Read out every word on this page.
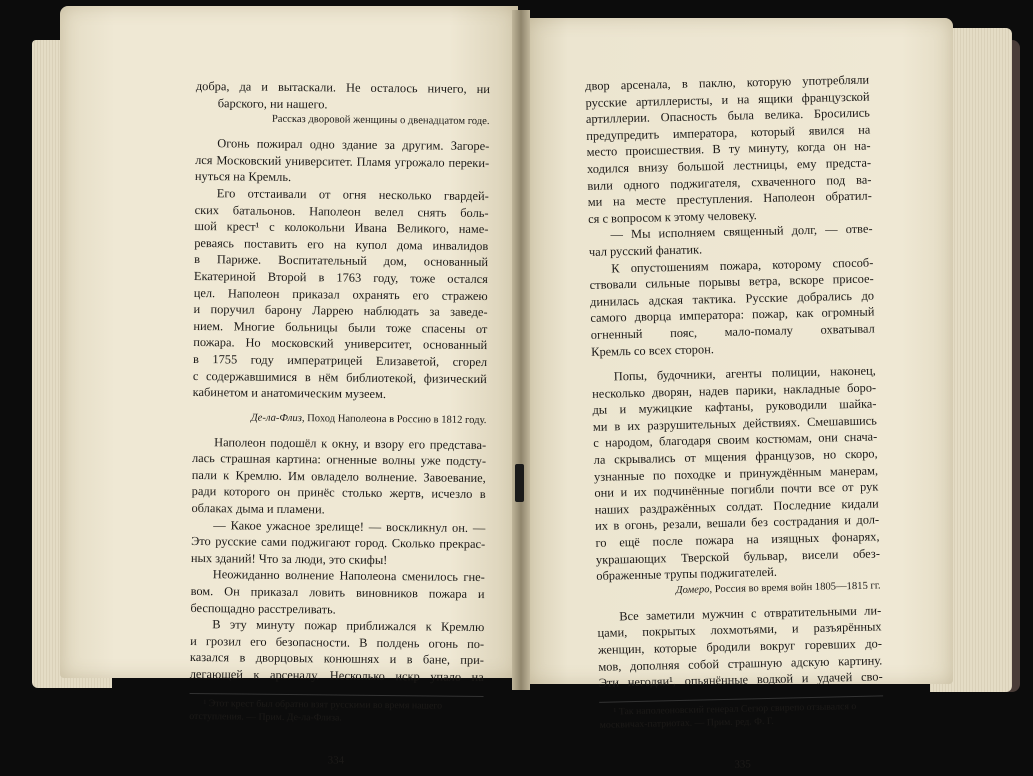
добра, да и вытаскали. Не осталось ничего, ни
барского, ни нашего.
Рассказ дворовой женщины о двенадцатом годе.
Огонь пожирал одно здание за другим. Загоре-
лся Московский университет. Пламя угрожало переки-
нуться на Кремль.
Его отстаивали от огня несколько гвардей-
ских батальонов. Наполеон велел снять боль-
шой крест¹ с колокольни Ивана Великого, наме-
реваясь поставить его на купол дома инвалидов
в Париже. Воспитательный дом, основанный
Екатериной Второй в 1763 году, тоже остался
цел. Наполеон приказал охранять его стражею
и поручил барону Ларрею наблюдать за заведе-
нием. Многие больницы были тоже спасены от
пожара. Но московский университет, основанный
в 1755 году императрицей Елизаветой, сгорел
с содержавшимися в нём библиотекой, физический
кабинетом и анатомическим музеем.
Де-ла-Флиз, Поход Наполеона в Россию в 1812 году.
Наполеон подошёл к окну, и взору его представа-
лась страшная картина: огненные волны уже подсту-
пали к Кремлю. Им овладело волнение. Завоевание,
ради которого он принёс столько жертв, исчезло в
облаках дыма и пламени.
— Какое ужасное зрелище! — воскликнул он. —
Это русские сами поджигают город. Сколько прекрас-
ных зданий! Что за люди, это скифы!
Неожиданно волнение Наполеона сменилось гне-
вом. Он приказал ловить виновников пожара и
беспощадно расстреливать.
В эту минуту пожар приближался к Кремлю
и грозил его безопасности. В полдень огонь по-
казался в дворцовых конюшнях и в бане, при-
легающей к арсеналу. Несколько искр упало на
¹ Этот крест был обратно взят русскими во время нашего
отступления. — Прим. Де-ла-Флиза.
334
двор арсенала, в паклю, которую употребляли
русские артиллеристы, и на ящики французской
артиллерии. Опасность была велика. Бросились
предупредить императора, который явился на
место происшествия. В ту минуту, когда он на-
ходился внизу большой лестницы, ему предста-
вили одного поджигателя, схваченного под ва-
ми на месте преступления. Наполеон обратил-
ся с вопросом к этому человеку.
— Мы исполняем священный долг, — отве-
чал русский фанатик.
К опустошениям пожара, которому способ-
ствовали сильные порывы ветра, вскоре присое-
динилась адская тактика. Русские добрались до
самого дворца императора: пожар, как огромный
огненный пояс, мало-помалу охватывал
Кремль со всех сторон.
Попы, будочники, агенты полиции, наконец,
несколько дворян, надев парики, накладные боро-
ды и мужицкие кафтаны, руководили шайка-
ми в их разрушительных действиях. Смешавшись
с народом, благодаря своим костюмам, они снача-
ла скрывались от мщения французов, но скоро,
узнанные по походке и принуждённым манерам,
они и их подчинённые погибли почти все от рук
наших раздражённых солдат. Последние кидали
их в огонь, резали, вешали без сострадания и дол-
го ещё после пожара на изящных фонарях,
украшающих Тверской бульвар, висели обез-
ображенные трупы поджигателей.
Домеро, Россия во время войн 1805—1815 гг.
Все заметили мужчин с отвратительными ли-
цами, покрытых лохмотьями, и разъярённых
женщин, которые бродили вокруг горевших до-
мов, дополняя собой страшную адскую картину.
Эти негодяи¹, опьянённые водкой и удачей сво-
¹ Так наполеоновский генерал Сегюр свирепо отзывался о
москвичах-патриотах. — Прим. ред. Ф. Г.
335
